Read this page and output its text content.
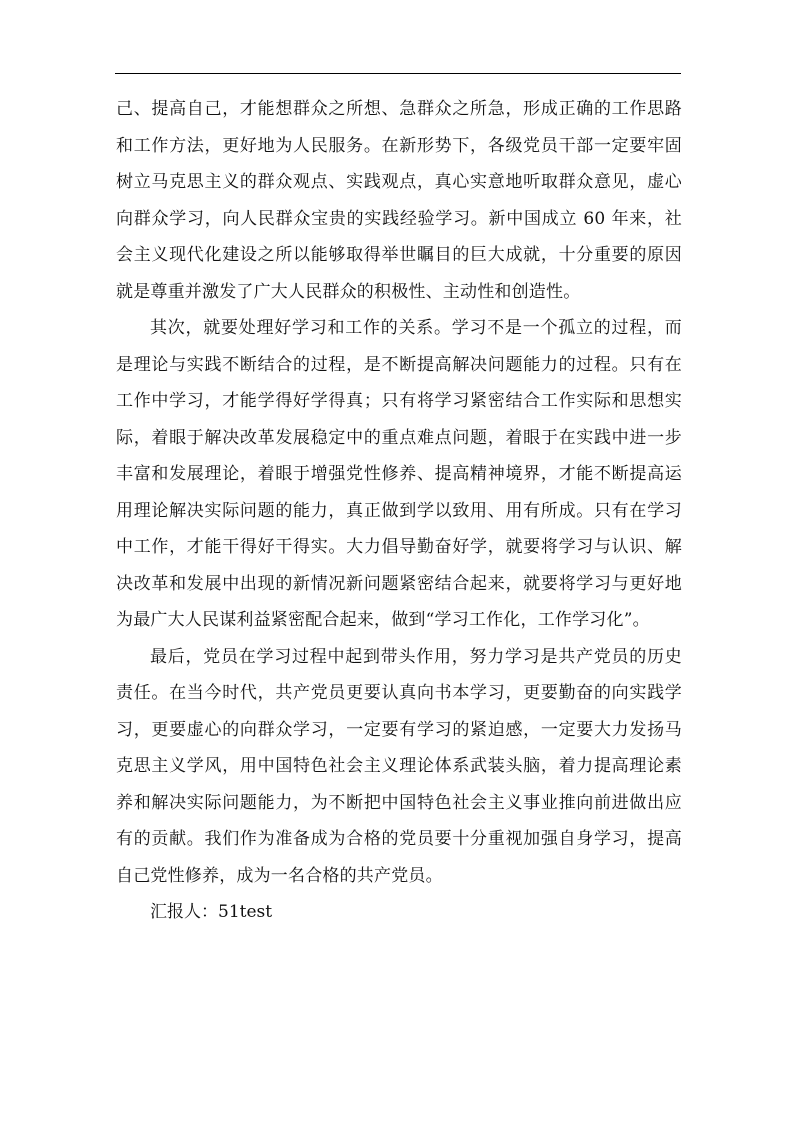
己、提高自己，才能想群众之所想、急群众之所急，形成正确的工作思路和工作方法，更好地为人民服务。在新形势下，各级党员干部一定要牢固树立马克思主义的群众观点、实践观点，真心实意地听取群众意见，虚心向群众学习，向人民群众宝贵的实践经验学习。新中国成立 60 年来，社会主义现代化建设之所以能够取得举世瞩目的巨大成就，十分重要的原因就是尊重并激发了广大人民群众的积极性、主动性和创造性。

其次，就要处理好学习和工作的关系。学习不是一个孤立的过程，而是理论与实践不断结合的过程，是不断提高解决问题能力的过程。只有在工作中学习，才能学得好学得真；只有将学习紧密结合工作实际和思想实际，着眼于解决改革发展稳定中的重点难点问题，着眼于在实践中进一步丰富和发展理论，着眼于增强党性修养、提高精神境界，才能不断提高运用理论解决实际问题的能力，真正做到学以致用、用有所成。只有在学习中工作，才能干得好干得实。大力倡导勤奋好学，就要将学习与认识、解决改革和发展中出现的新情况新问题紧密结合起来，就要将学习与更好地为最广大人民谋利益紧密配合起来，做到“学习工作化，工作学习化”。

最后，党员在学习过程中起到带头作用，努力学习是共产党员的历史责任。在当今时代，共产党员更要认真向书本学习，更要勤奋的向实践学习，更要虚心的向群众学习，一定要有学习的紧迫感，一定要大力发扬马克思主义学风，用中国特色社会主义理论体系武装头脑，着力提高理论素养和解决实际问题能力，为不断把中国特色社会主义事业推向前进做出应有的贡献。我们作为准备成为合格的党员要十分重视加强自身学习，提高自己党性修养，成为一名合格的共产党员。

汇报人：51test
